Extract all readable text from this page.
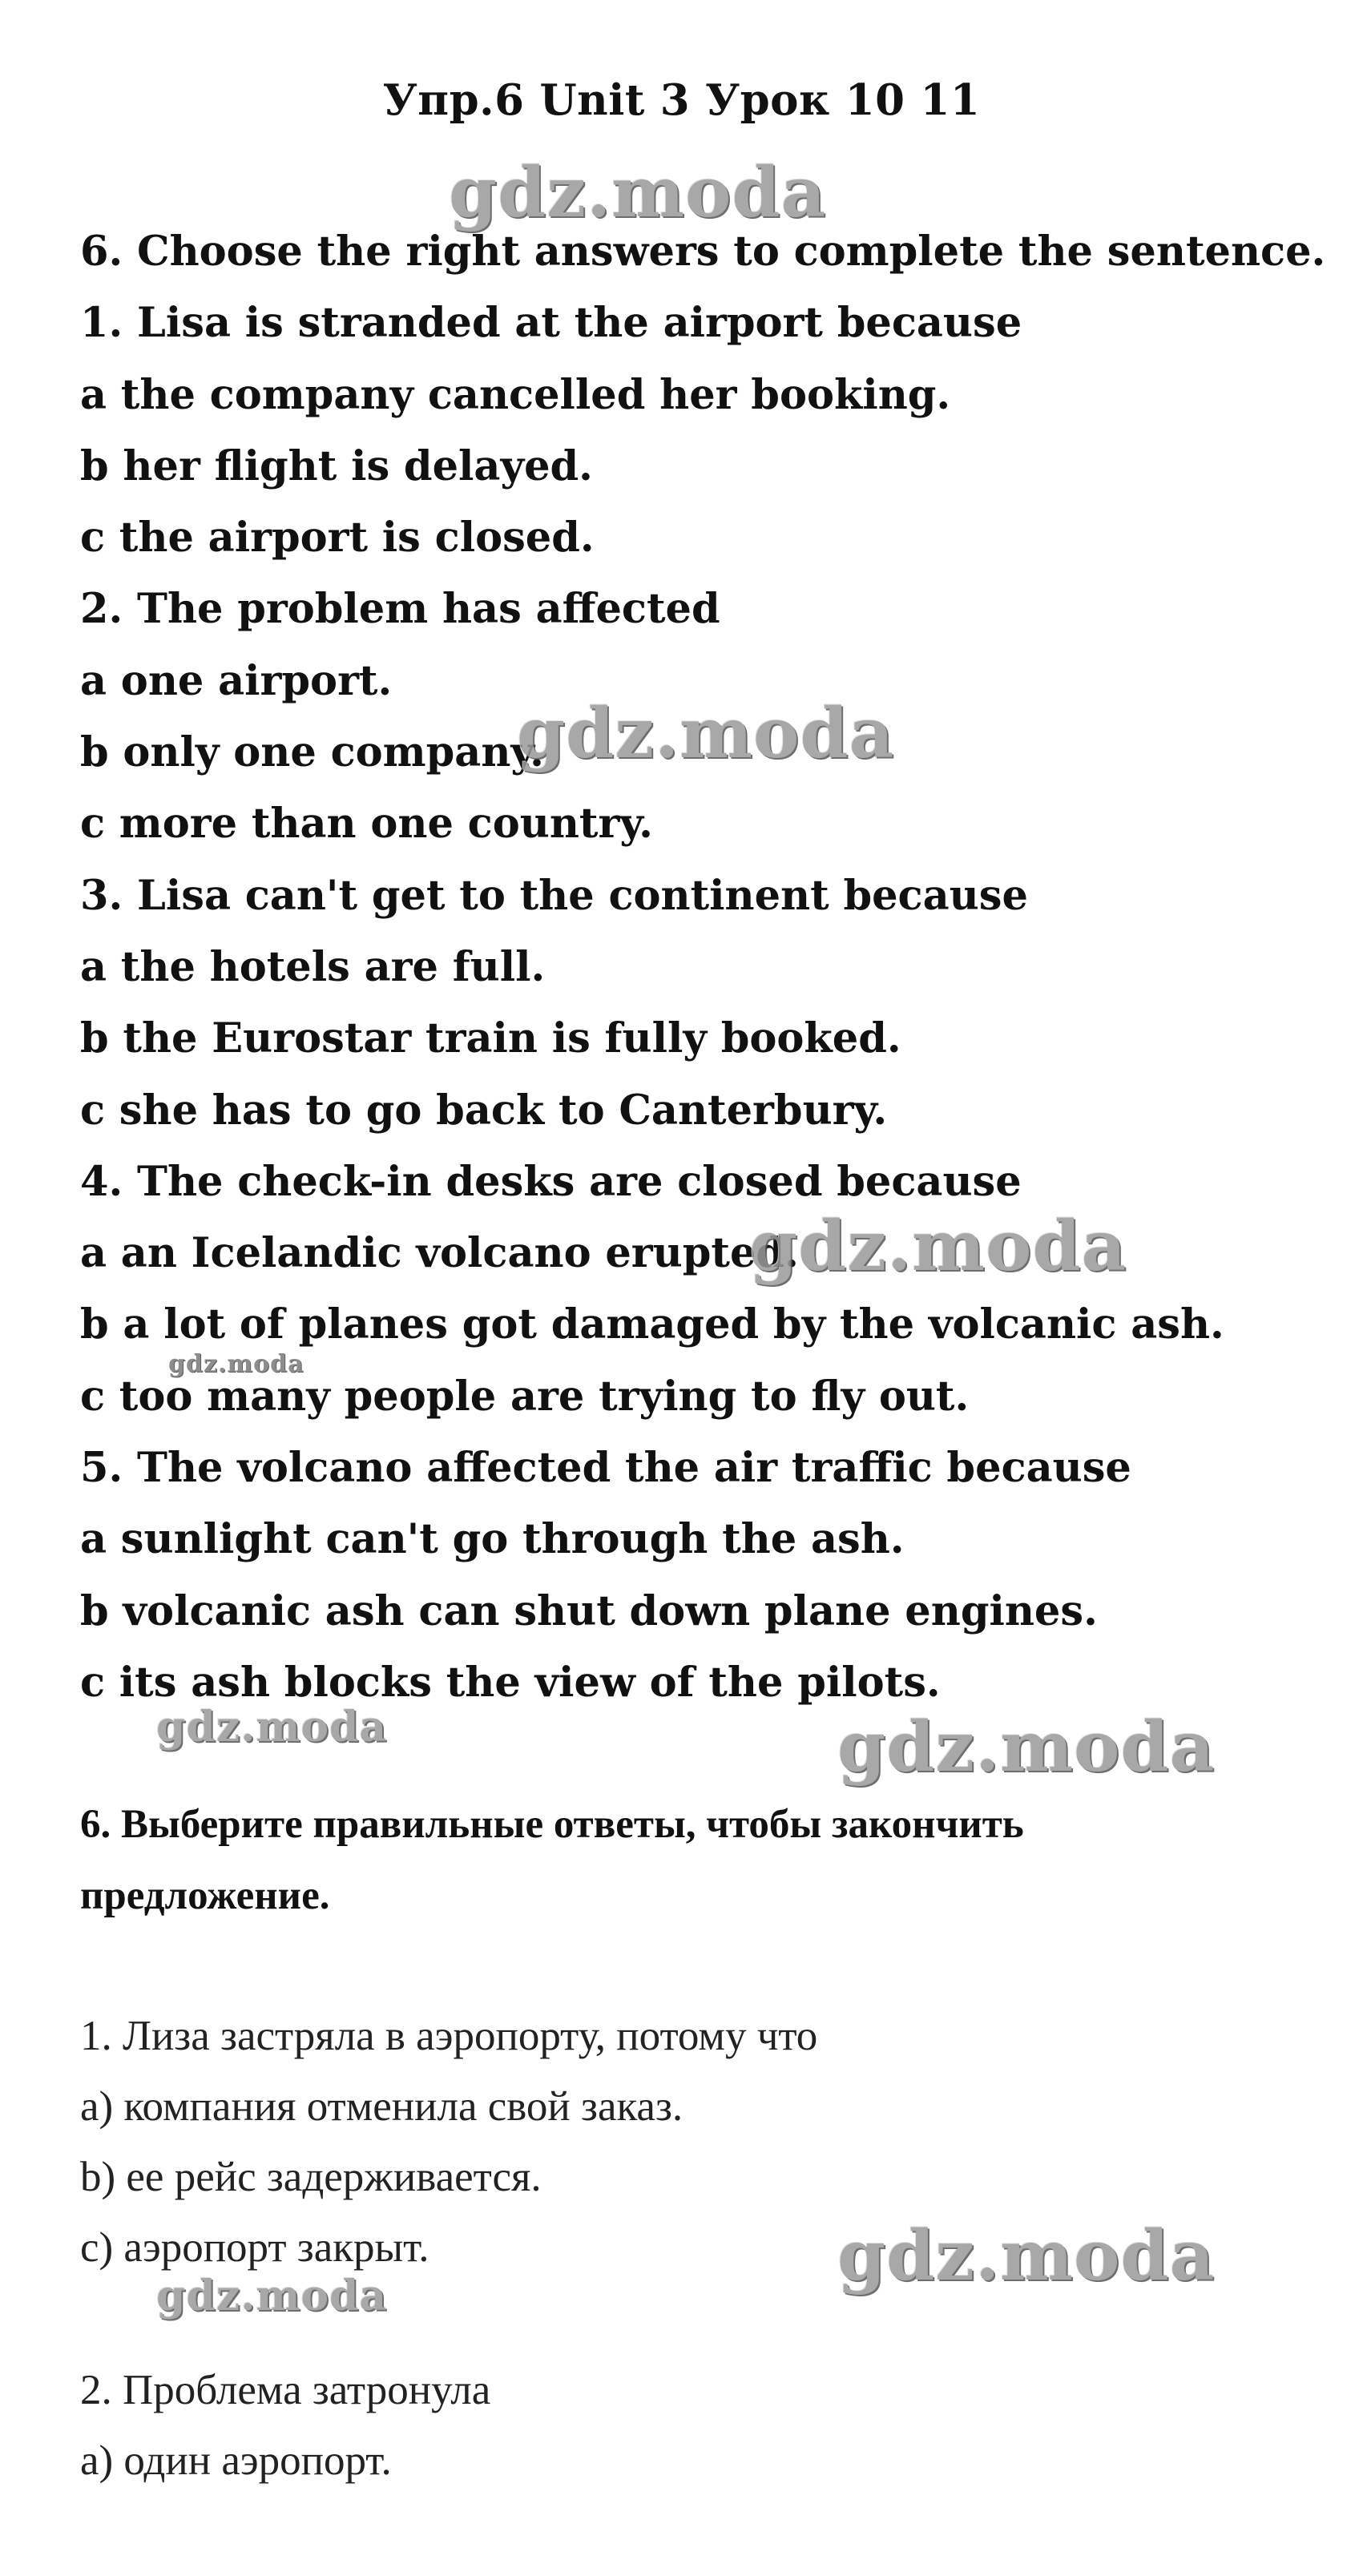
Упр.6 Unit 3 Урок 10 11
6. Choose the right answers to complete the sentence.
1. Lisa is stranded at the airport because
a the company cancelled her booking.
b her flight is delayed.
c the airport is closed.
2. The problem has affected
a one airport.
b only one company.
c more than one country.
3. Lisa can't get to the continent because
a the hotels are full.
b the Eurostar train is fully booked.
c she has to go back to Canterbury.
4. The check-in desks are closed because
a an Icelandic volcano erupted.
b a lot of planes got damaged by the volcanic ash.
c too many people are trying to fly out.
5. The volcano affected the air traffic because
a sunlight can't go through the ash.
b volcanic ash can shut down plane engines.
c its ash blocks the view of the pilots.
6. Выберите правильные ответы, чтобы закончить
предложение.
1. Лиза застряла в аэропорту, потому что
а) компания отменила свой заказ.
b) ее рейс задерживается.
с) аэропорт закрыт.
2. Проблема затронула
а) один аэропорт.
gdz.moda
gdz.moda
gdz.moda
gdz.moda
gdz.moda	gdz.moda
gdz.moda
gdz.moda
